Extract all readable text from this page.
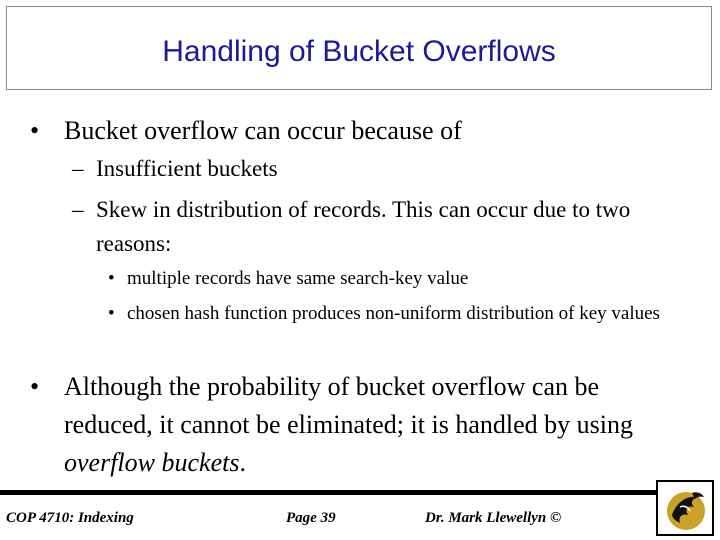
Handling of Bucket Overflows
• Bucket overflow can occur because of
– Insufficient buckets
– Skew in distribution of records. This can occur due to two reasons:
• multiple records have same search-key value
• chosen hash function produces non-uniform distribution of key values
• Although the probability of bucket overflow can be reduced, it cannot be eliminated; it is handled by using overflow buckets.
COP 4710: Indexing	Page 39	Dr. Mark Llewellyn ©
